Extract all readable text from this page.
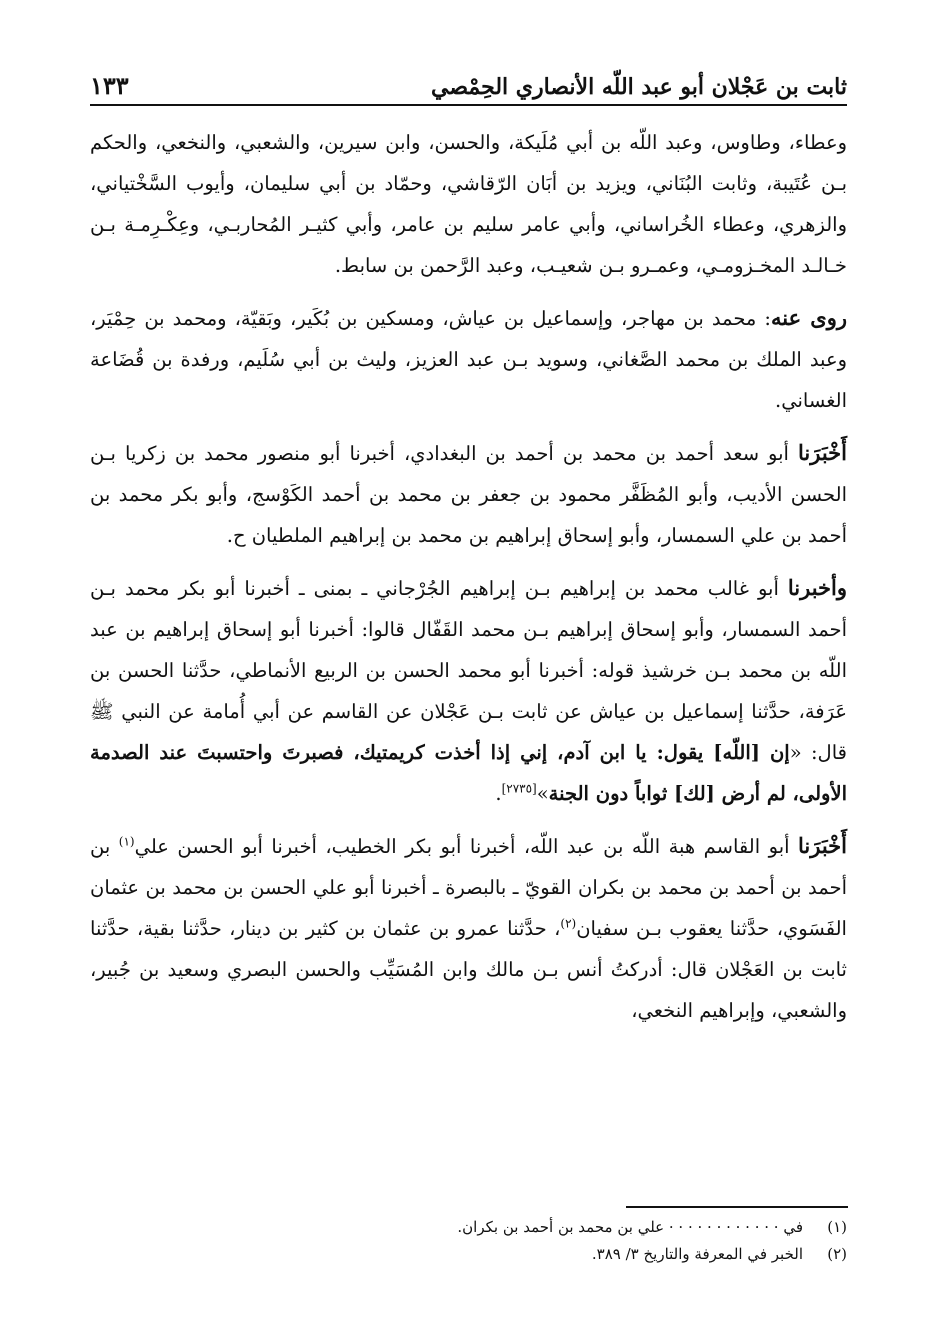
ثابت بن عَجْلان أبو عبد اللّه الأنصاري الحِمْصي
١٣٣

وعطاء، وطاوس، وعبد اللّه بن أبي مُلَيكة، والحسن، وابن سيرين، والشعبي، والنخعي، والحكم بـن عُتَيبة، وثابت البُنَاني، ويزيد بن أبَان الرّقاشي، وحمّاد بن أبي سليمان، وأيوب السَّخْتياني، والزهري، وعطاء الخُراساني، وأبي عامر سليم بن عامر، وأبي كثيـر المُحاربـي، وعِكْـرِمـة بـن خـالـد المخـزومـي، وعمـرو بـن شعيـب، وعبد الرَّحمن بن سابط.

روى عنه: محمد بن مهاجر، وإسماعيل بن عياش، ومسكين بن بُكَير، وبَقيّة، ومحمد بن حِمْيَر، وعبد الملك بن محمد الصَّغاني، وسويد بـن عبد العزيز، وليث بن أبي سُلَيم، ورفدة بن قُضَاعة الغساني.

أَخْبَرَنا أبو سعد أحمد بن محمد بن أحمد بن البغدادي، أخبرنا أبو منصور محمد بن زكريا بـن الحسن الأديب، وأبو المُظَفَّر محمود بن جعفر بن محمد بن أحمد الكَوْسج، وأبو بكر محمد بن أحمد بن علي السمسار، وأبو إسحاق إبراهيم بن محمد بن إبراهيم الملطيان ح.

وأخبرنا أبو غالب محمد بن إبراهيم بـن إبراهيم الجُرْجاني ـ بمنى ـ أخبرنا أبو بكر محمد بـن أحمد السمسار، وأبو إسحاق إبراهيم بـن محمد القَفّال قالوا: أخبرنا أبو إسحاق إبراهيم بن عبد اللّه بن محمد بـن خرشيذ قوله: أخبرنا أبو محمد الحسن بن الربيع الأنماطي، حدَّثنا الحسن بن عَرَفة، حدَّثنا إسماعيل بن عياش عن ثابت بـن عَجْلان عن القاسم عن أبي أُمامة عن النبي ﷺ قال: «إن [اللّه] يقول: يا ابن آدم، إني إذا أخذت كريمتيك، فصبرتَ واحتسبتَ عند الصدمة الأولى، لم أرض [لك] ثواباً دون الجنة»[٢٧٣٥].

أَخْبَرَنا أبو القاسم هبة اللّه بن عبد اللّه، أخبرنا أبو بكر الخطيب، أخبرنا أبو الحسن علي$^{(١)}$ بن أحمد بن أحمد بن محمد بن بكران القويّ ـ بالبصرة ـ أخبرنا أبو علي الحسن بن محمد بن عثمان الفَسَوي، حدَّثنا يعقوب بـن سفيان$^{(٢)}$، حدَّثنا عمرو بن عثمان بن كثير بن دينار، حدَّثنا بقية، حدَّثنا ثابت بن العَجْلان قال: أدركتُ أنس بـن مالك وابن المُسَيِّب والحسن البصري وسعيد بن جُبير، والشعبي، وإبراهيم النخعي،

(١)
في · · · · · · · · · · · · علي بن محمد بن أحمد بن بكران.
(٢)
الخبر في المعرفة والتاريخ ٣/ ٣٨٩.
